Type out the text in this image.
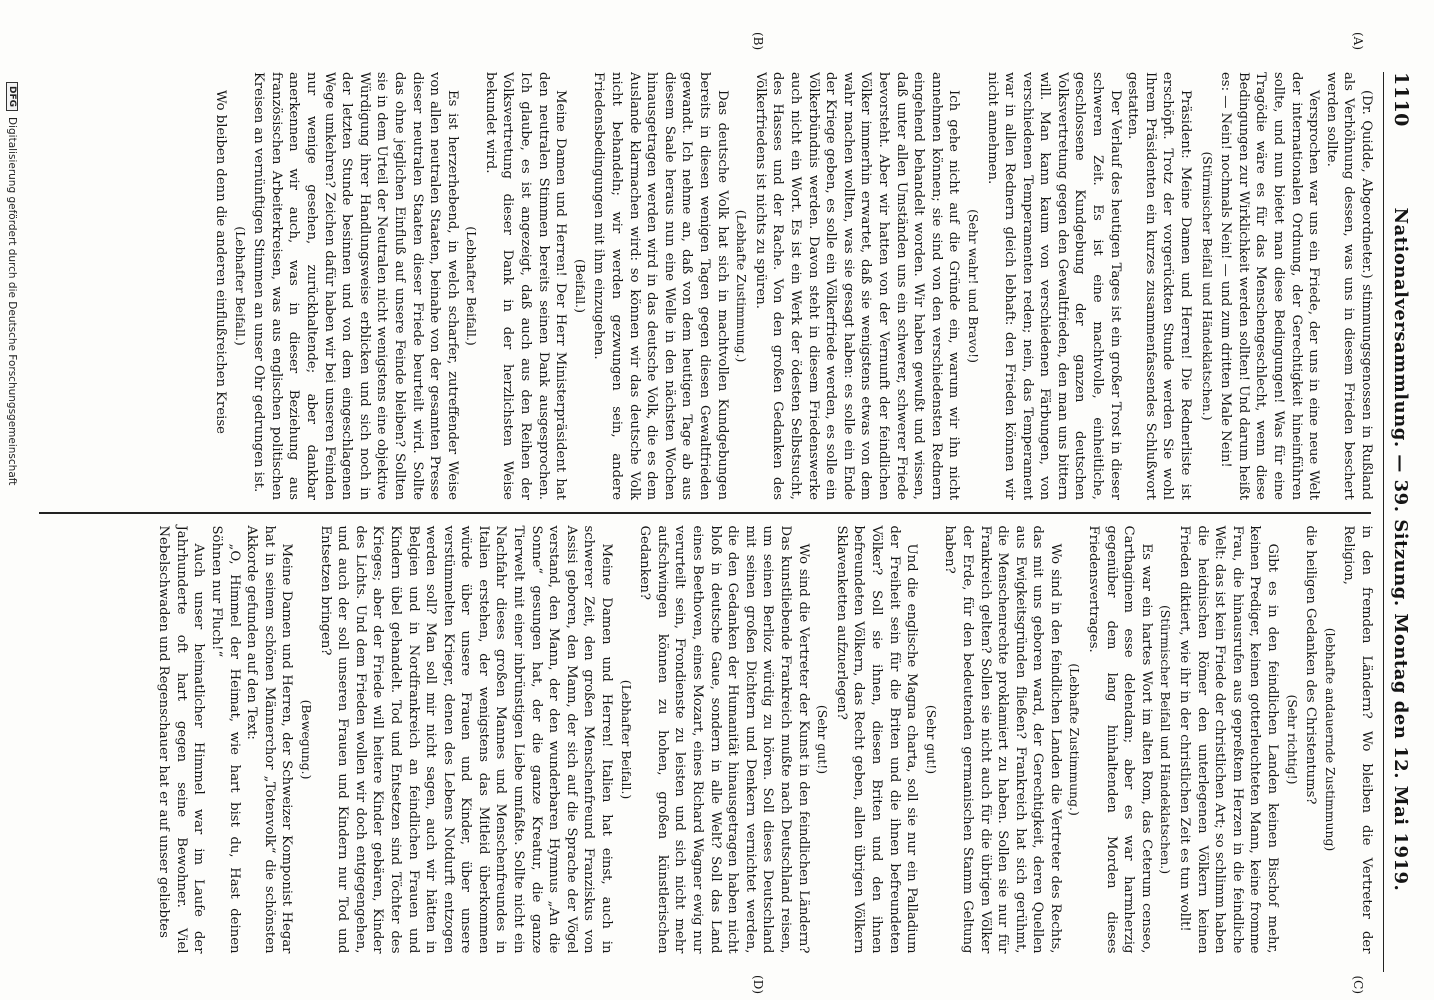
1110
Nationalversammlung. — 39. Sitzung. Montag den 12. Mai 1919.
(A)
(B)

(Dr. Quidde, Abgeordneter.) stimmungsgenossen in Rußland als Verhöhnung dessen, was uns in diesem Frieden beschert werden sollte.

Versprochen war uns ein Friede, der uns in eine neue Welt der internationalen Ordnung, der Gerechtigkeit hineinführen sollte, und nun bietet man diese Bedingungen! Was für eine Tragödie wäre es für das Menschengeschlecht, wenn diese Bedingungen zur Wirklichkeit werden sollten! Und darum heißt es: — Nein! nochmals Nein! — und zum dritten Male Nein!

(Stürmischer Beifall und Händeklatschen.)

Präsident: Meine Damen und Herren! Die Rednerliste ist erschöpft. Trotz der vorgerückten Stunde werden Sie wohl Ihrem Präsidenten ein kurzes zusammenfassendes Schlußwort gestatten.

Der Verlauf des heutigen Tages ist ein großer Trost in dieser schweren Zeit. Es ist eine machtvolle, einheitliche, geschlossene Kundgebung der ganzen deutschen Volksvertretung gegen den Gewaltfrieden, den man uns bittern will. Man kann kaum von verschiedenen Färbungen, von verschiedenen Temperamenten reden; nein, das Temperament war in allen Rednern gleich lebhaft: den Frieden können wir nicht annehmen.

(Sehr wahr! und Bravo!)

Ich gehe nicht auf die Gründe ein, warum wir ihn nicht annehmen können; sie sind von den verschiedensten Rednern eingehend behandelt worden. Wir haben gewußt und wissen, daß unter allen Umständen uns ein schwerer, schwerer Friede bevorsteht. Aber wir hatten von der Vernunft der feindlichen Völker immerhin erwartet, daß sie wenigstens etwas von dem wahr machen wollten, was sie gesagt haben: es solle ein Ende der Kriege geben, es solle ein Völkerfriede werden, es solle ein Völkerbündnis werden. Davon steht in diesem Friedenswerke auch nicht ein Wort. Es ist ein Werk der ödesten Selbstsucht, des Hasses und der Rache. Von den großen Gedanken des Völkerfriedens ist nichts zu spüren.

(Lebhafte Zustimmung.)

Das deutsche Volk hat sich in machtvollen Kundgebungen bereits in diesen wenigen Tagen gegen diesen Gewaltfrieden gewandt. Ich nehme an, daß von dem heutigen Tage ab aus diesem Saale heraus nun eine Welle in den nächsten Wochen hinausgetragen werden wird in das deutsche Volk, die es dem Auslande klarmachen wird: so können wir das deutsche Volk nicht behandeln; wir werden gezwungen sein, andere Friedensbedingungen mit ihm einzugehen.

(Beifall.)

Meine Damen und Herren! Der Herr Ministerpräsident hat den neutralen Stimmen bereits seinen Dank ausgesprochen. Ich glaube, es ist angezeigt, daß auch aus den Reihen der Volksvertretung dieser Dank in der herzlichsten Weise bekundet wird.

(Lebhafter Beifall.)

Es ist herzerhebend, in welch scharfer, zutreffender Weise von allen neutralen Staaten, beinahe von der gesamten Presse dieser neutralen Staaten dieser Friede beurteilt wird. Sollte das ohne jeglichen Einfluß auf unsere Feinde bleiben? Sollten sie in dem Urteil der Neutralen nicht wenigstens eine objektive Würdigung ihrer Handlungsweise erblicken und sich noch in der letzten Stunde besinnen und von dem eingeschlagenen Wege umkehren? Zeichen dafür haben wir bei unseren Feinden nur wenige gesehen, zurückhaltende; aber dankbar anerkennen wir auch, was in dieser Beziehung aus französischen Arbeiterkreisen, was aus englischen politischen Kreisen an vernünftigen Stimmen an unser Ohr gedrungen ist.

(Lebhafter Beifall.)

Wo bleiben denn die anderen einflußreichen Kreise

in den fremden Ländern? Wo bleiben die Vertreter der Religion,

(lebhafte andauernde Zustimmung)

die heiligen Gedanken des Christentums?

(Sehr richtig!)

Gibt es in den feindlichen Landen keinen Bischof mehr, keinen Prediger, keinen gotterleuchteten Mann, keine fromme Frau, die hinausrufen aus gepreßtem Herzen in die feindliche Welt: das ist kein Friede der christlichen Art; so schlimm haben die heidnischen Römer den unterlegenen Völkern keinen Frieden diktiert, wie ihr in der christlichen Zeit es tun wollt!

(Stürmischer Beifall und Händeklatschen.)

Es war ein hartes Wort im alten Rom, das Ceterum censeo, Carthaginem esse delendam; aber es war harmherzig gegenüber dem lang hinhaltenden Morden dieses Friedensvertrages.

(Lebhafte Zustimmung.)

Wo sind in den feindlichen Landen die Vertreter des Rechts, das mit uns geboren ward, der Gerechtigkeit, deren Quellen aus Ewigkeitsgründen fließen? Frankreich hat sich gerühmt, die Menschenrechte proklamiert zu haben. Sollen sie nur für Frankreich gelten? Sollen sie nicht auch für die übrigen Völker der Erde, für den bedeutenden germanischen Stamm Geltung haben?

(Sehr gut!)

Und die englische Magna charta, soll sie nur ein Palladium der Freiheit sein für die Briten und die ihnen befreundeten Völker? Soll sie ihnen, diesen Briten und den ihnen befreundeten Völkern, das Recht geben, allen übrigen Völkern Sklavenketten aufzuerlegen?

(Sehr gut!)

Wo sind die Vertreter der Kunst in den feindlichen Ländern? Das kunstliebende Frankreich mußte nach Deutschland reisen, um seinen Berlioz würdig zu hören. Soll dieses Deutschland mit seinen großen Dichtern und Denkern vernichtet werden, die den Gedanken der Humanität hinausgetragen haben nicht bloß in deutsche Gaue, sondern in alle Welt? Soll das Land eines Beethoven, eines Mozart, eines Richard Wagner ewig nur verurteilt sein, Frondienste zu leisten und sich nicht mehr aufschwingen können zu hohen, großen künstlerischen Gedanken?

(Lebhafter Beifall.)

Meine Damen und Herren! Italien hat einst, auch in schwerer Zeit, den großen Menschenfreund Franziskus von Assisi geboren, den Mann, der sich auf die Sprache der Vögel verstand, den Mann, der den wunderbaren Hymnus „An die Sonne“ gesungen hat, der die ganze Kreatur, die ganze Tierwelt mit einer inbrünstigen Liebe umfaßte. Sollte nicht ein Nachfahr dieses großen Mannes und Menschenfreundes in Italien erstehen, der wenigstens das Mitleid überkommen würde über unsere Frauen und Kinder, über unsere verstümmelten Krieger, denen des Lebens Notdurft entzogen werden soll? Man soll mir nicht sagen, auch wir hätten in Belgien und in Nordfrankreich an feindlichen Frauen und Kindern übel gehandelt. Tod und Entsetzen sind Töchter des Krieges; aber der Friede will heitere Kinder gebären, Kinder des Lichts. Und dem Frieden wollen wir doch entgegengehen, und auch der soll unseren Frauen und Kindern nur Tod und Entsetzen bringen?

(Bewegung.)

Meine Damen und Herren, der Schweizer Komponist Hegar hat in seinem schönen Männerchor „Totenvolk“ die schönsten Akkorde gefunden auf den Text:

„O, Himmel der Heimat, wie hart bist du, Hast deinen Söhnen nur Fluch!“

Auch unser heimatlicher Himmel war im Laufe der Jahrhunderte oft hart gegen seine Bewohner. Viel Nebelschwaden und Regenschauer hat er auf unser geliebtes

(C)
(D)
DFG
Digitalisierung gefördert durch die Deutsche Forschungsgemeinschaft
